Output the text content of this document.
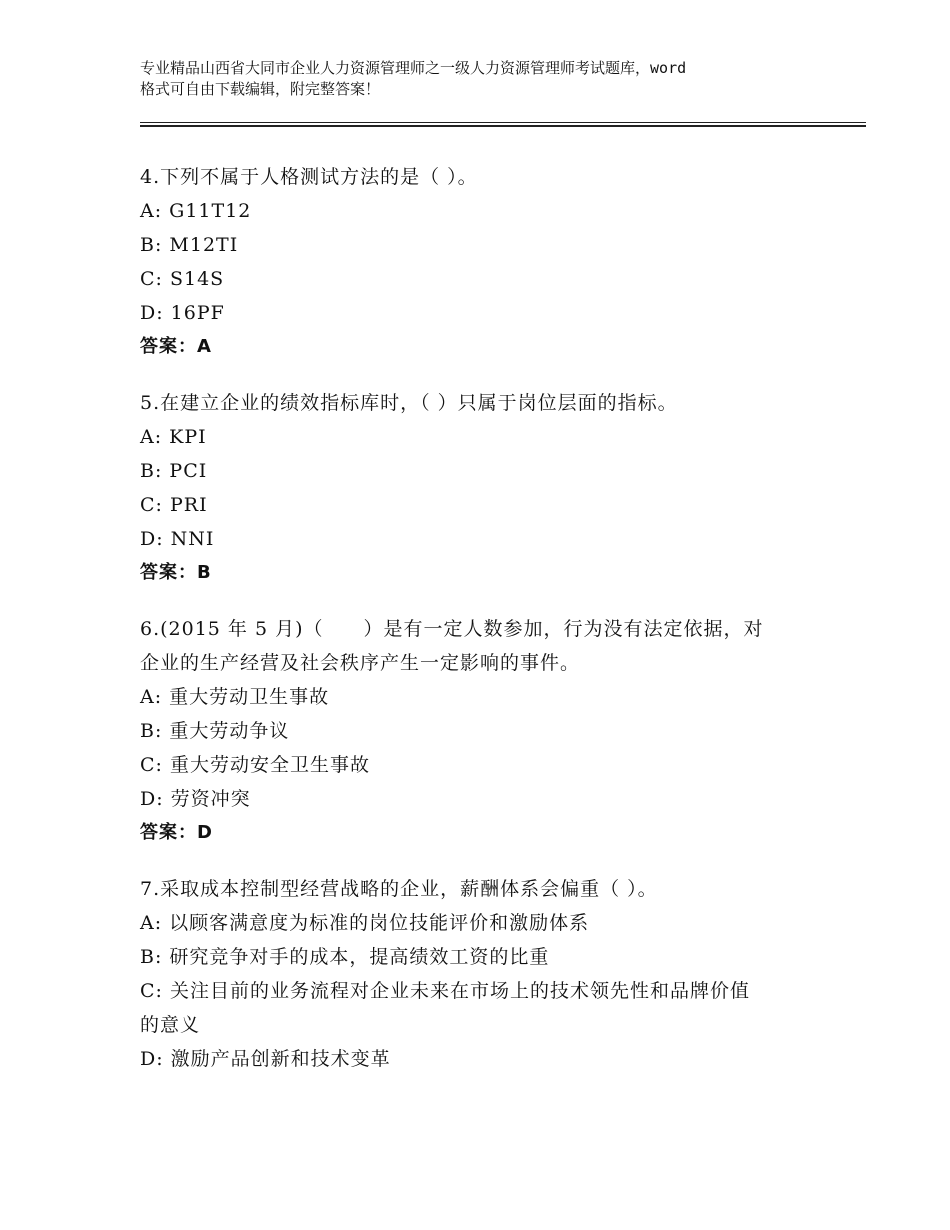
专业精品山西省大同市企业人力资源管理师之一级人力资源管理师考试题库，word
格式可自由下载编辑，附完整答案！
4.下列不属于人格测试方法的是（ ）。
A: G11T12
B: M12TI
C: S14S
D: 16PF
答案：A
5.在建立企业的绩效指标库时，（ ）只属于岗位层面的指标。
A: KPI
B: PCI
C: PRI
D: NNI
答案：B
6.(2015 年 5 月)（　　）是有一定人数参加，行为没有法定依据，对
企业的生产经营及社会秩序产生一定影响的事件。
A: 重大劳动卫生事故
B: 重大劳动争议
C: 重大劳动安全卫生事故
D: 劳资冲突
答案：D
7.采取成本控制型经营战略的企业，薪酬体系会偏重（ ）。
A: 以顾客满意度为标准的岗位技能评价和激励体系
B: 研究竞争对手的成本，提高绩效工资的比重
C: 关注目前的业务流程对企业未来在市场上的技术领先性和品牌价值
的意义
D: 激励产品创新和技术变革
